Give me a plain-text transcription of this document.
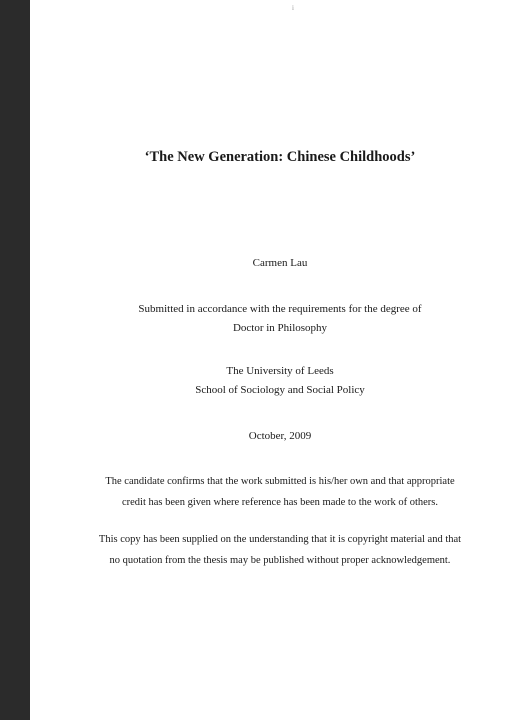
i
‘The New Generation: Chinese Childhoods’
Carmen Lau
Submitted in accordance with the requirements for the degree of
Doctor in Philosophy
The University of Leeds
School of Sociology and Social Policy
October, 2009
The candidate confirms that the work submitted is his/her own and that appropriate
credit has been given where reference has been made to the work of others.
This copy has been supplied on the understanding that it is copyright material and that
no quotation from the thesis may be published without proper acknowledgement.
